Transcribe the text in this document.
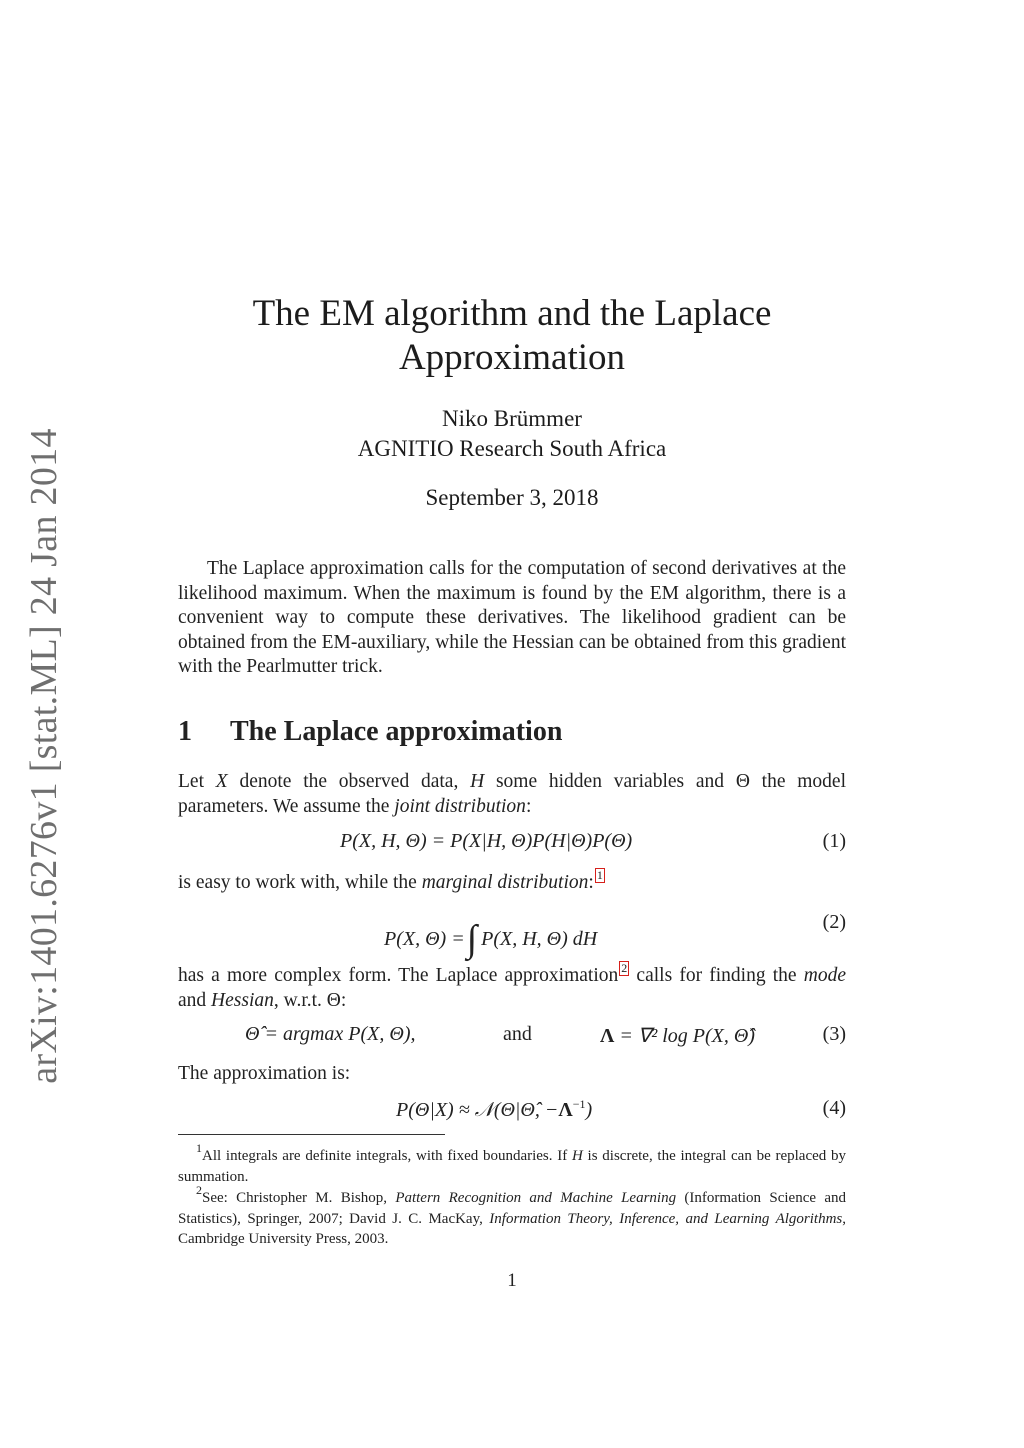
arXiv:1401.6276v1 [stat.ML] 24 Jan 2014
The EM algorithm and the Laplace
Approximation
Niko Brümmer
AGNITIO Research South Africa
September 3, 2018
The Laplace approximation calls for the computation of second derivatives at the likelihood maximum. When the maximum is found by the EM algorithm, there is a convenient way to compute these derivatives. The likelihood gradient can be obtained from the EM-auxiliary, while the Hessian can be obtained from this gradient with the Pearlmutter trick.
1 The Laplace approximation
Let X denote the observed data, H some hidden variables and Θ the model parameters. We assume the joint distribution:
P(X, H, Θ) = P(X|H, Θ)P(H|Θ)P(Θ)	(1)
is easy to work with, while the marginal distribution: 1
P(X, Θ) =∫ P(X, H, Θ) dH
(2)
has a more complex form. The Laplace approximation 2 calls for finding the mode and Hessian, w.r.t. Θ:
Θ̂ = argmax P(X, Θ),	and	Λ = ∇² log P(X, Θ̂)	(3)
The approximation is:
P(Θ|X) ≈ 𝒩(Θ|Θ̂, $-\Lambda^{-1}$)	(4)
$^1$All integrals are definite integrals, with fixed boundaries. If H is discrete, the integral can be replaced by summation.
$^2$See: Christopher M. Bishop, Pattern Recognition and Machine Learning (Information Science and Statistics), Springer, 2007; David J. C. MacKay, Information Theory, Inference, and Learning Algorithms, Cambridge University Press, 2003.
1
